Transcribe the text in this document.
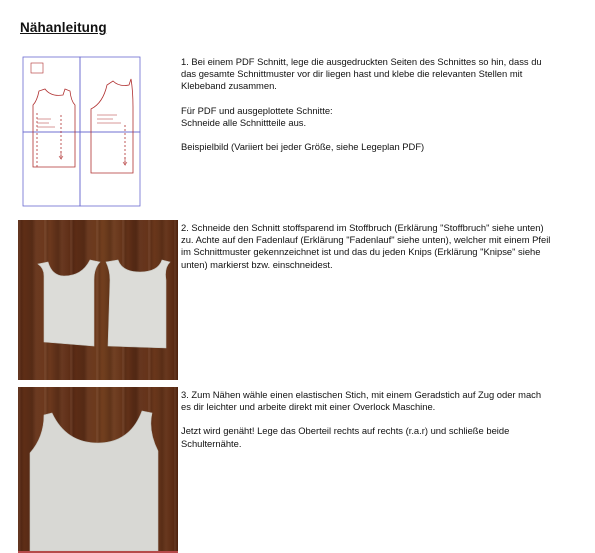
Nähanleitung

1. Bei einem PDF Schnitt, lege die ausgedruckten Seiten des Schnittes so hin, dass du das gesamte Schnittmuster vor dir liegen hast und klebe die relevanten Stellen mit Klebeband zusammen.

Für PDF und ausgeplottete Schnitte:
Schneide alle Schnittteile aus.

Beispielbild (Variiert bei jeder Größe, siehe Legeplan PDF)

2. Schneide den Schnitt stoffsparend im Stoffbruch (Erklärung "Stoffbruch" siehe unten) zu. Achte auf den Fadenlauf (Erklärung "Fadenlauf" siehe unten), welcher mit einem Pfeil im Schnittmuster gekennzeichnet ist und das du jeden Knips (Erklärung "Knipse" siehe unten) markierst bzw. einschneidest.

3. Zum Nähen wähle einen elastischen Stich, mit einem Geradstich auf Zug oder mach es dir leichter und arbeite direkt mit einer Overlock Maschine.

Jetzt wird genäht! Lege das Oberteil rechts auf rechts (r.a.r) und schließe beide Schulternähte.
